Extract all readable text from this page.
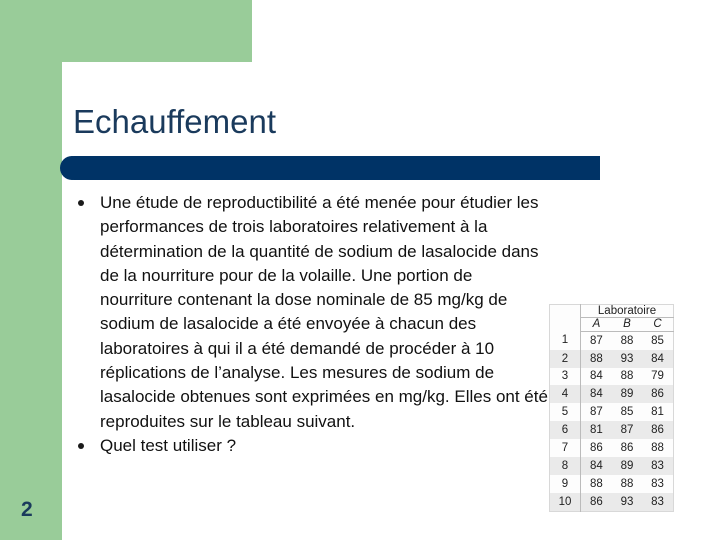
Echauffement
Une étude de reproductibilité a été menée pour étudier les performances de trois laboratoires relativement à la détermination de la quantité de sodium de lasalocide dans de la nourriture pour de la volaille. Une portion de nourriture contenant la dose nominale de 85 mg/kg de sodium de lasalocide a été envoyée à chacun des laboratoires à qui il a été demandé de procéder à 10 réplications de l’analyse. Les mesures de sodium de lasalocide obtenues sont exprimées en mg/kg. Elles ont été reproduites sur le tableau suivant.
Quel test utiliser ?
2
	Laboratoire		
	A	B	C
1	87	88	85
2	88	93	84
3	84	88	79
4	84	89	86
5	87	85	81
6	81	87	86
7	86	86	88
8	84	89	83
9	88	88	83
10	86	93	83
